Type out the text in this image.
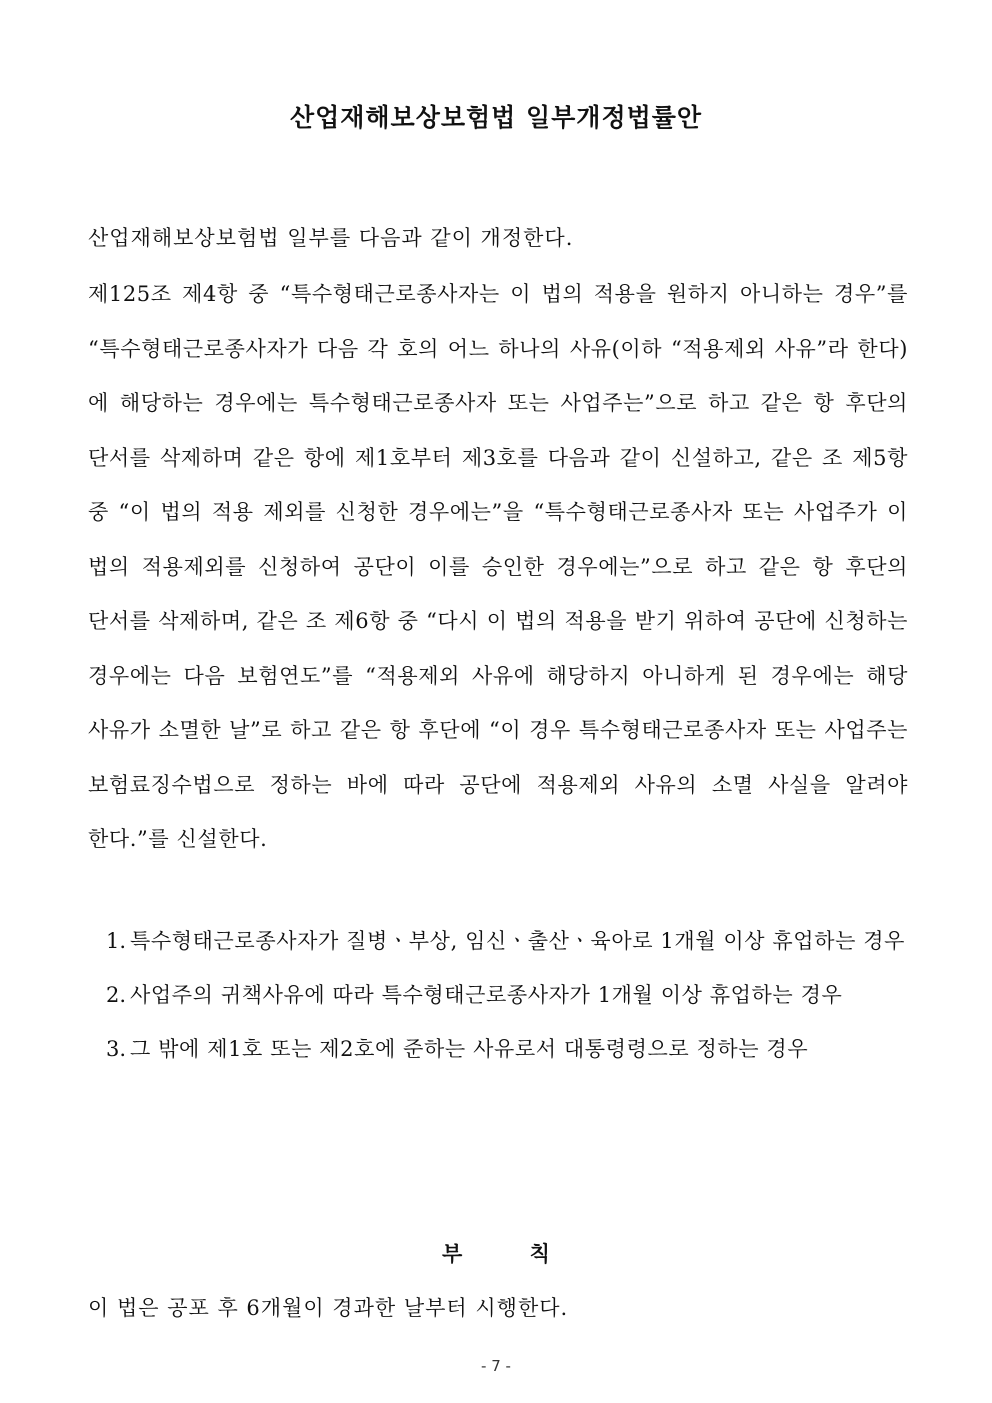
산업재해보상보험법 일부개정법률안
산업재해보상보험법 일부를 다음과 같이 개정한다.

제125조 제4항 중 “특수형태근로종사자는 이 법의 적용을 원하지 아니하는 경우”를 “특수형태근로종사자가 다음 각 호의 어느 하나의 사유(이하 “적용제외 사유”라 한다)에 해당하는 경우에는 특수형태근로종사자 또는 사업주는”으로 하고 같은 항 후단의 단서를 삭제하며 같은 항에 제1호부터 제3호를 다음과 같이 신설하고, 같은 조 제5항 중 “이 법의 적용 제외를 신청한 경우에는”을 “특수형태근로종사자 또는 사업주가 이 법의 적용제외를 신청하여 공단이 이를 승인한 경우에는”으로 하고 같은 항 후단의 단서를 삭제하며, 같은 조 제6항 중 “다시 이 법의 적용을 받기 위하여 공단에 신청하는 경우에는 다음 보험연도”를 “적용제외 사유에 해당하지 아니하게 된 경우에는 해당 사유가 소멸한 날”로 하고 같은 항 후단에 “이 경우 특수형태근로종사자 또는 사업주는 보험료징수법으로 정하는 바에 따라 공단에 적용제외 사유의 소멸 사실을 알려야 한다.”를 신설한다.

1. 특수형태근로종사자가 질병ㆍ부상, 임신ㆍ출산ㆍ육아로 1개월 이상 휴업하는 경우
2. 사업주의 귀책사유에 따라 특수형태근로종사자가 1개월 이상 휴업하는 경우
3. 그 밖에 제1호 또는 제2호에 준하는 사유로서 대통령령으로 정하는 경우
부 칙
이 법은 공포 후 6개월이 경과한 날부터 시행한다.
- 7 -
